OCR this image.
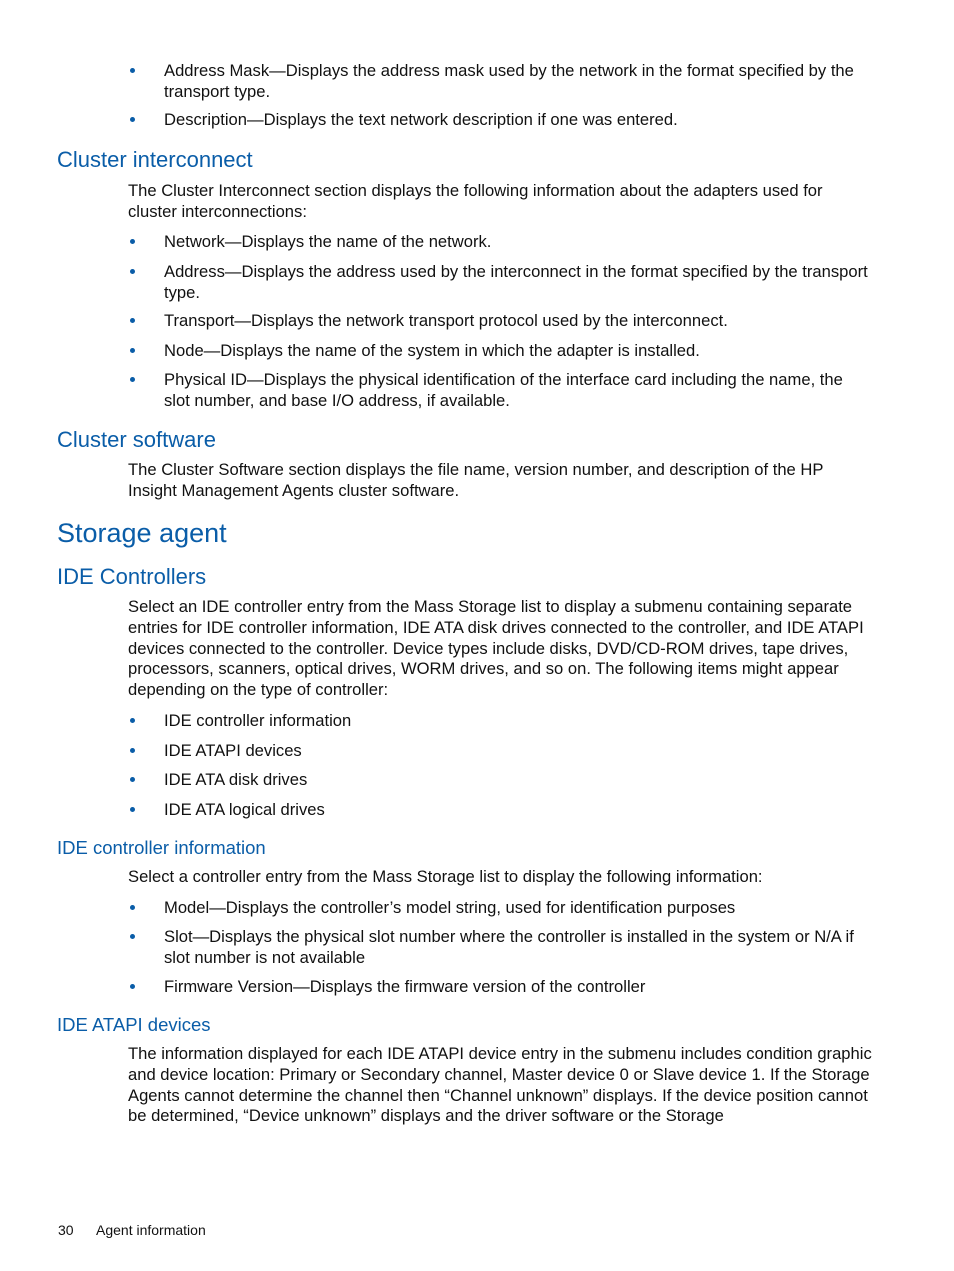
Address Mask—Displays the address mask used by the network in the format specified by the transport type.
Description—Displays the text network description if one was entered.
Cluster interconnect

The Cluster Interconnect section displays the following information about the adapters used for cluster interconnections:

Network—Displays the name of the network.
Address—Displays the address used by the interconnect in the format specified by the transport type.
Transport—Displays the network transport protocol used by the interconnect.
Node—Displays the name of the system in which the adapter is installed.
Physical ID—Displays the physical identification of the interface card including the name, the slot number, and base I/O address, if available.
Cluster software

The Cluster Software section displays the file name, version number, and description of the HP Insight Management Agents cluster software.

Storage agent
IDE Controllers

Select an IDE controller entry from the Mass Storage list to display a submenu containing separate entries for IDE controller information, IDE ATA disk drives connected to the controller, and IDE ATAPI devices connected to the controller. Device types include disks, DVD/CD-ROM drives, tape drives, processors, scanners, optical drives, WORM drives, and so on. The following items might appear depending on the type of controller:

IDE controller information
IDE ATAPI devices
IDE ATA disk drives
IDE ATA logical drives
IDE controller information

Select a controller entry from the Mass Storage list to display the following information:

Model—Displays the controller’s model string, used for identification purposes
Slot—Displays the physical slot number where the controller is installed in the system or N/A if slot number is not available
Firmware Version—Displays the firmware version of the controller
IDE ATAPI devices

The information displayed for each IDE ATAPI device entry in the submenu includes condition graphic and device location: Primary or Secondary channel, Master device 0 or Slave device 1. If the Storage Agents cannot determine the channel then “Channel unknown” displays. If the device position cannot be determined, “Device unknown” displays and the driver software or the Storage

30 Agent information
